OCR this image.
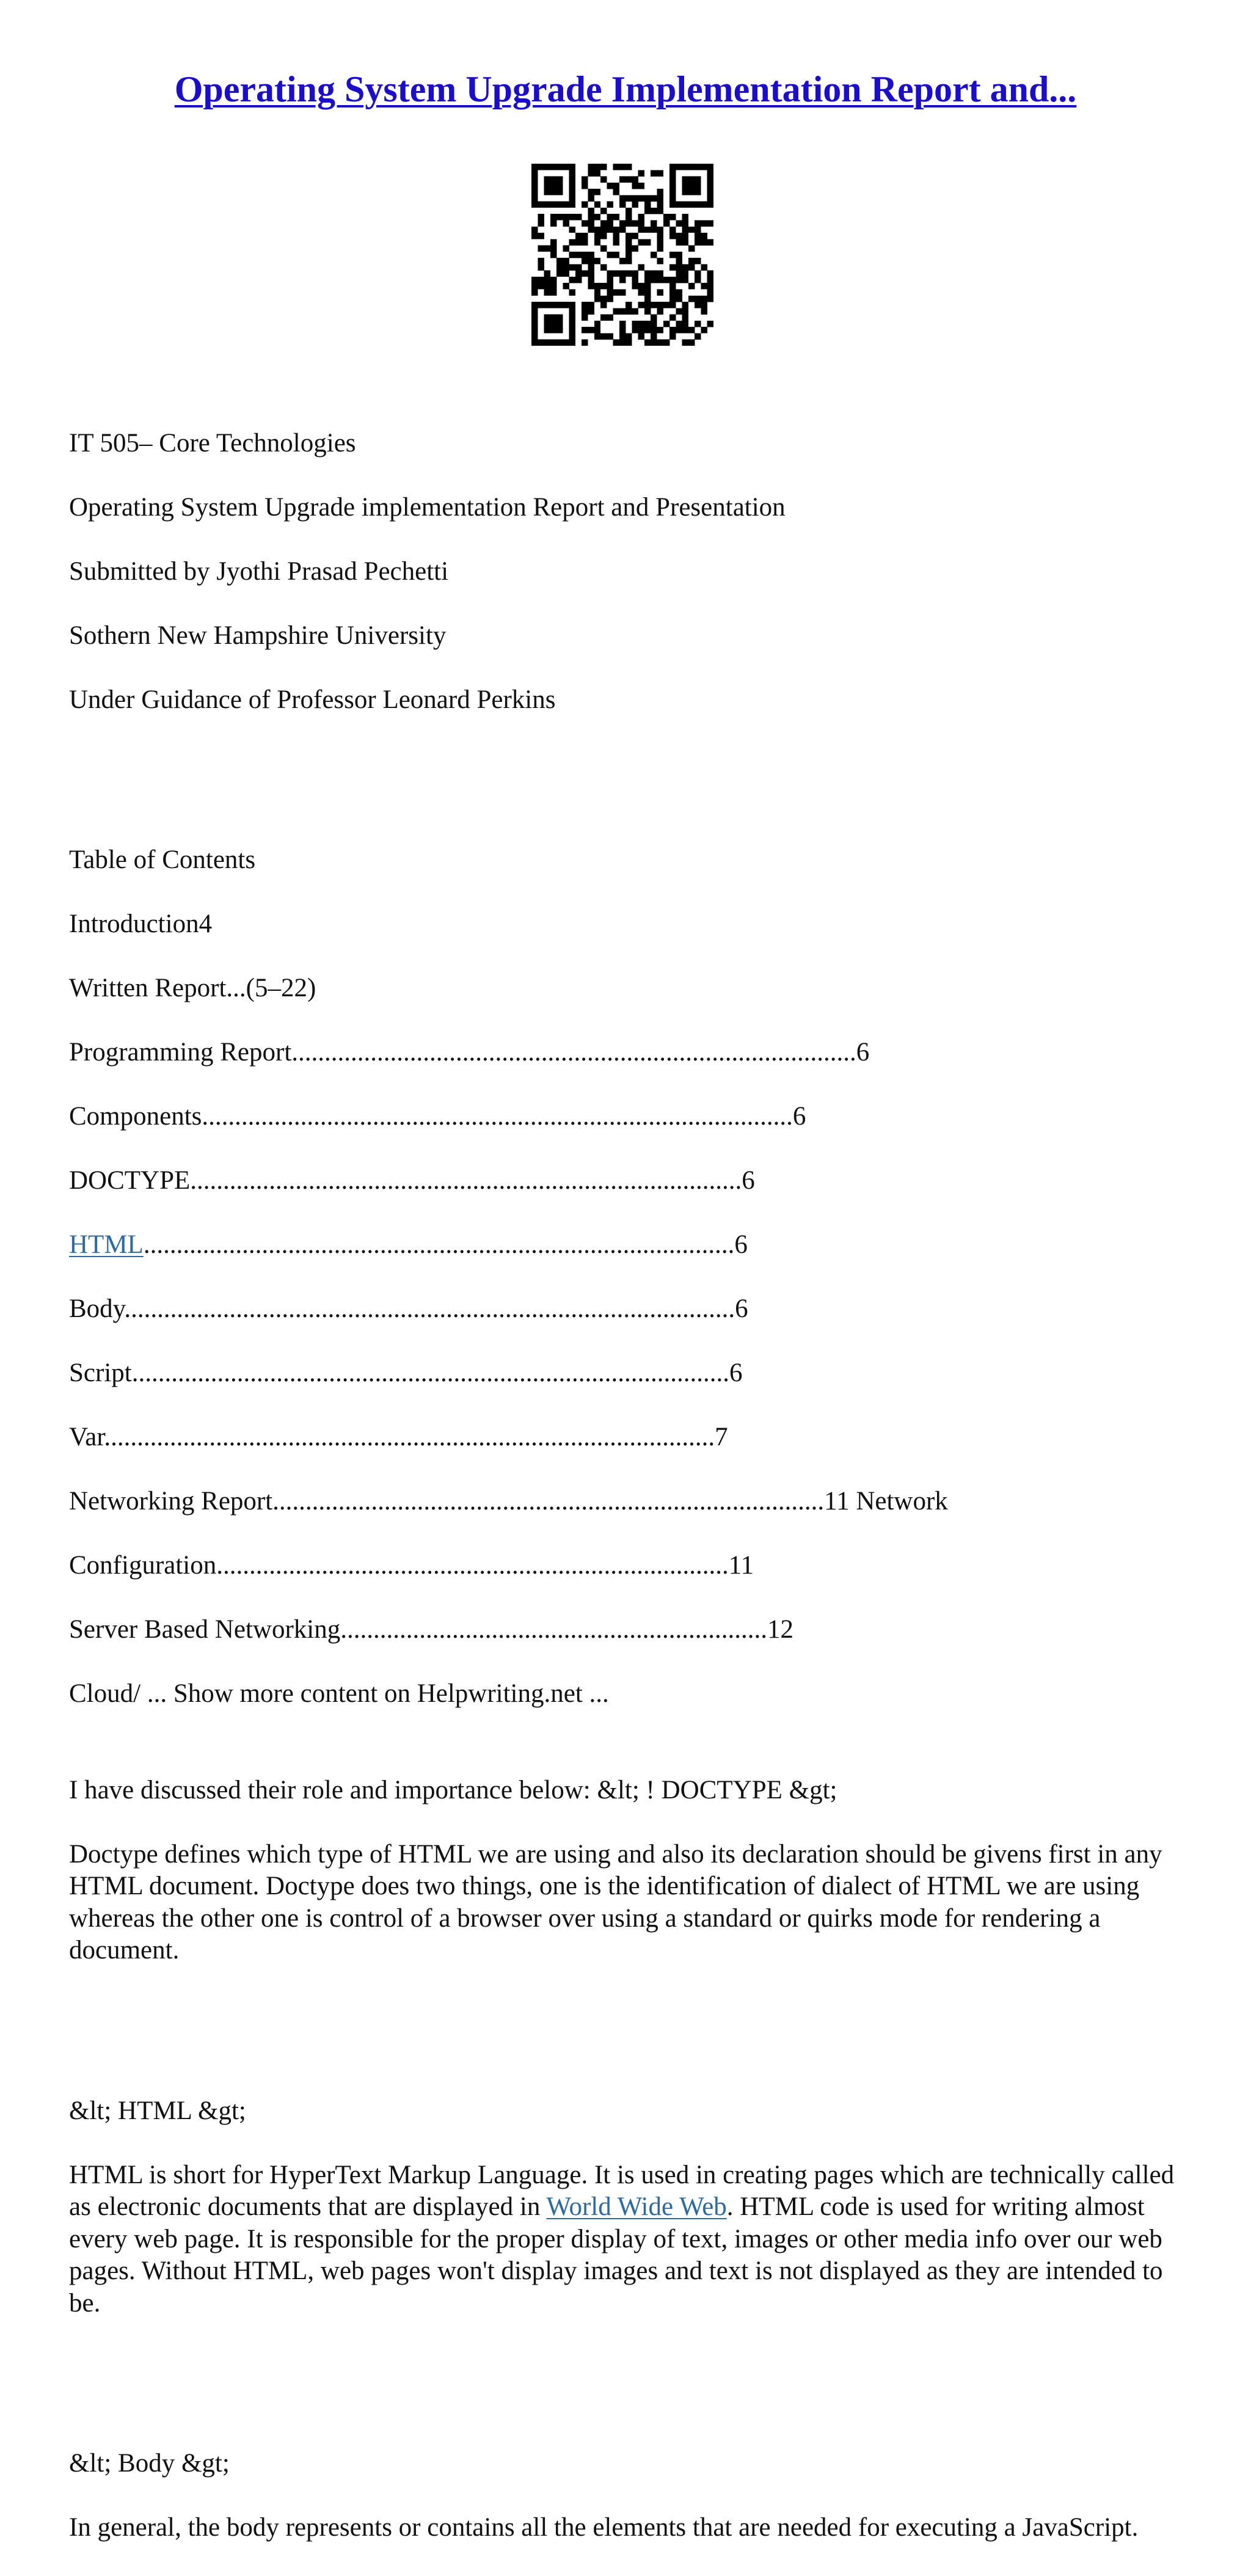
Operating System Upgrade Implementation Report and...

IT 505– Core Technologies

Operating System Upgrade implementation Report and Presentation

Submitted by Jyothi Prasad Pechetti

Sothern New Hampshire University

Under Guidance of Professor Leonard Perkins

Table of Contents

Introduction4

Written Report...(5–22)

Programming Report......................................................................................6

Components..........................................................................................6

DOCTYPE....................................................................................6

HTML..........................................................................................6

Body.............................................................................................6

Script...........................................................................................6

Var.............................................................................................7

Networking Report....................................................................................11 Network

Configuration..............................................................................11

Server Based Networking.................................................................12

Cloud/ ... Show more content on Helpwriting.net ...

I have discussed their role and importance below: &lt; ! DOCTYPE &gt;

Doctype defines which type of HTML we are using and also its declaration should be givens first in any HTML document. Doctype does two things, one is the identification of dialect of HTML we are using whereas the other one is control of a browser over using a standard or quirks mode for rendering a document.

&lt; HTML &gt;

HTML is short for HyperText Markup Language. It is used in creating pages which are technically called as electronic documents that are displayed in World Wide Web. HTML code is used for writing almost every web page. It is responsible for the proper display of text, images or other media info over our web pages. Without HTML, web pages won't display images and text is not displayed as they are intended to be.

&lt; Body &gt;

In general, the body represents or contains all the elements that are needed for executing a JavaScript.
